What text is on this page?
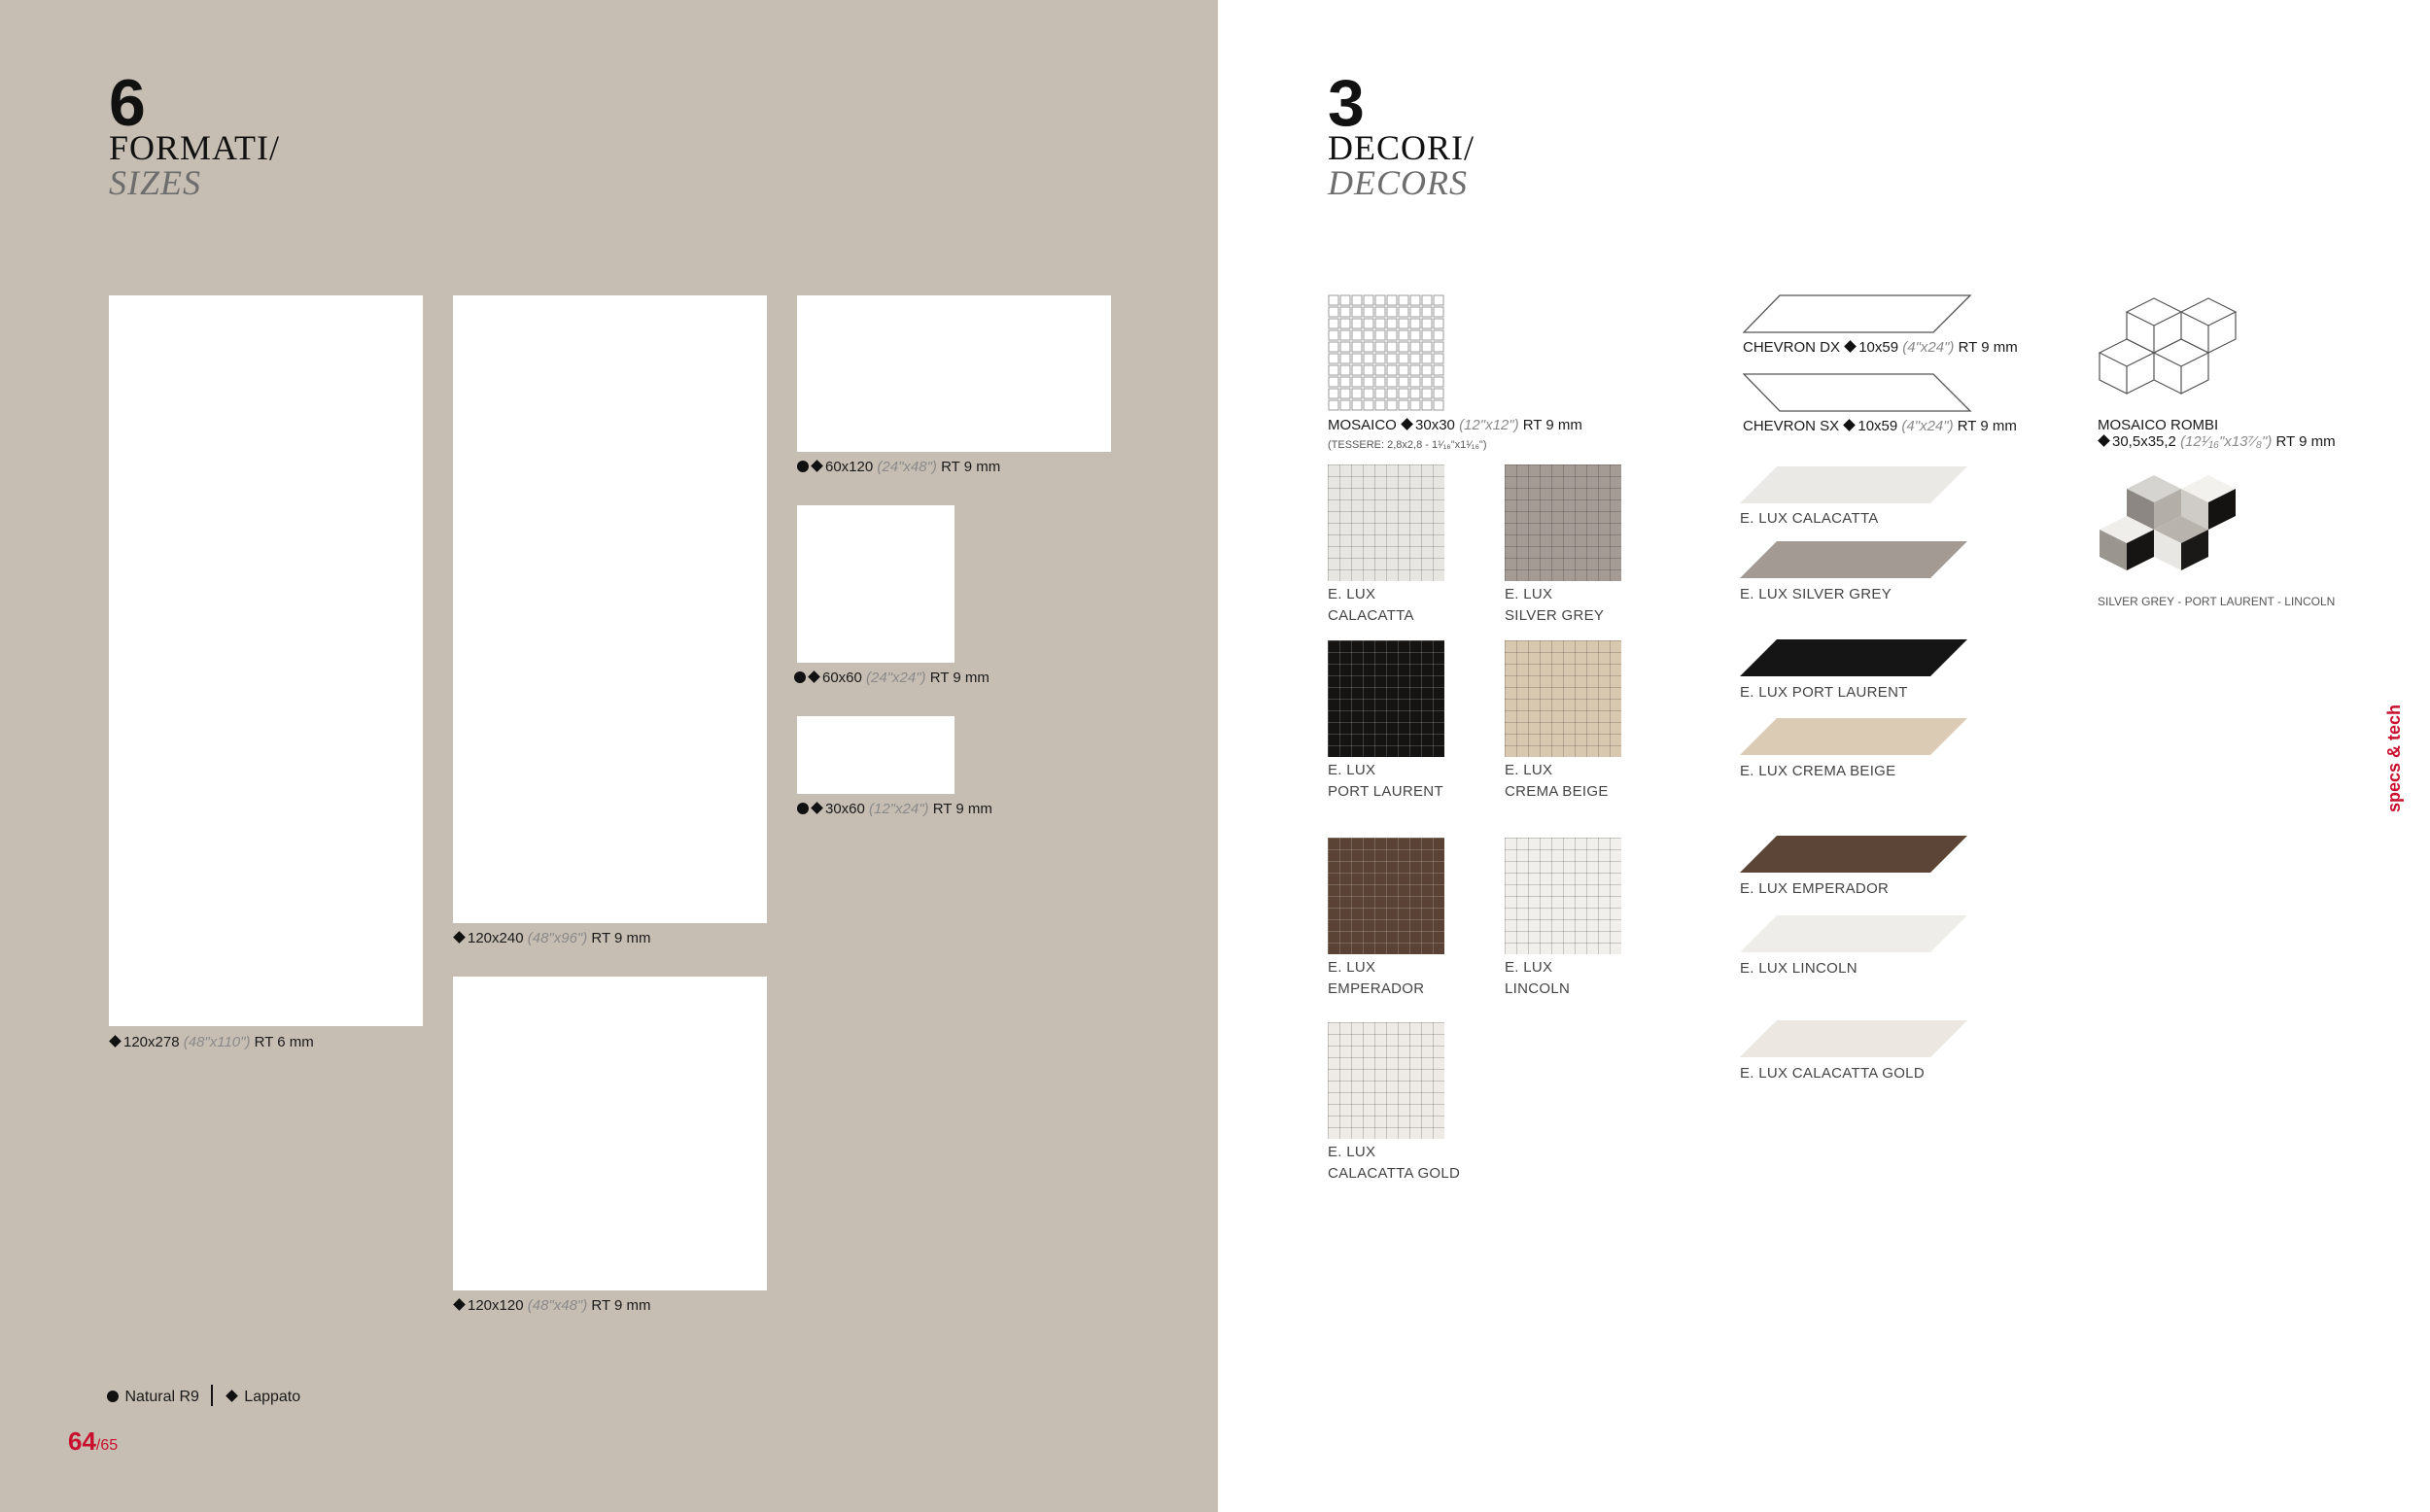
6
FORMATI/
SIZES
120x278 (48"x110") RT 6 mm
120x240 (48"x96") RT 9 mm
120x120 (48"x48") RT 9 mm
60x120 (24"x48") RT 9 mm
60x60 (24"x24") RT 9 mm
30x60 (12"x24") RT 9 mm
Natural R9	Lappato
64/65
3
DECORI/
DECORS
MOSAICO 30x30 (12"x12") RT 9 mm
(TESSERE: 2,8x2,8 - 1¹⁄₁₆"x1¹⁄₁₆")
CHEVRON DX 10x59 (4"x24") RT 9 mm
CHEVRON SX 10x59 (4"x24") RT 9 mm	MOSAICO ROMBI
30,5x35,2 (12¹⁄₁₆"x13⁷⁄₈") RT 9 mm
SILVER GREY - PORT LAURENT - LINCOLN
E. LUX
CALACATTA
E. LUX
SILVER GREY
E. LUX
PORT LAURENT
E. LUX
CREMA BEIGE
E. LUX
EMPERADOR
E. LUX
LINCOLN
E. LUX
CALACATTA GOLD
E. LUX CALACATTA
E. LUX SILVER GREY
E. LUX PORT LAURENT
E. LUX CREMA BEIGE
E. LUX EMPERADOR
E. LUX LINCOLN
E. LUX CALACATTA GOLD
specs & tech
